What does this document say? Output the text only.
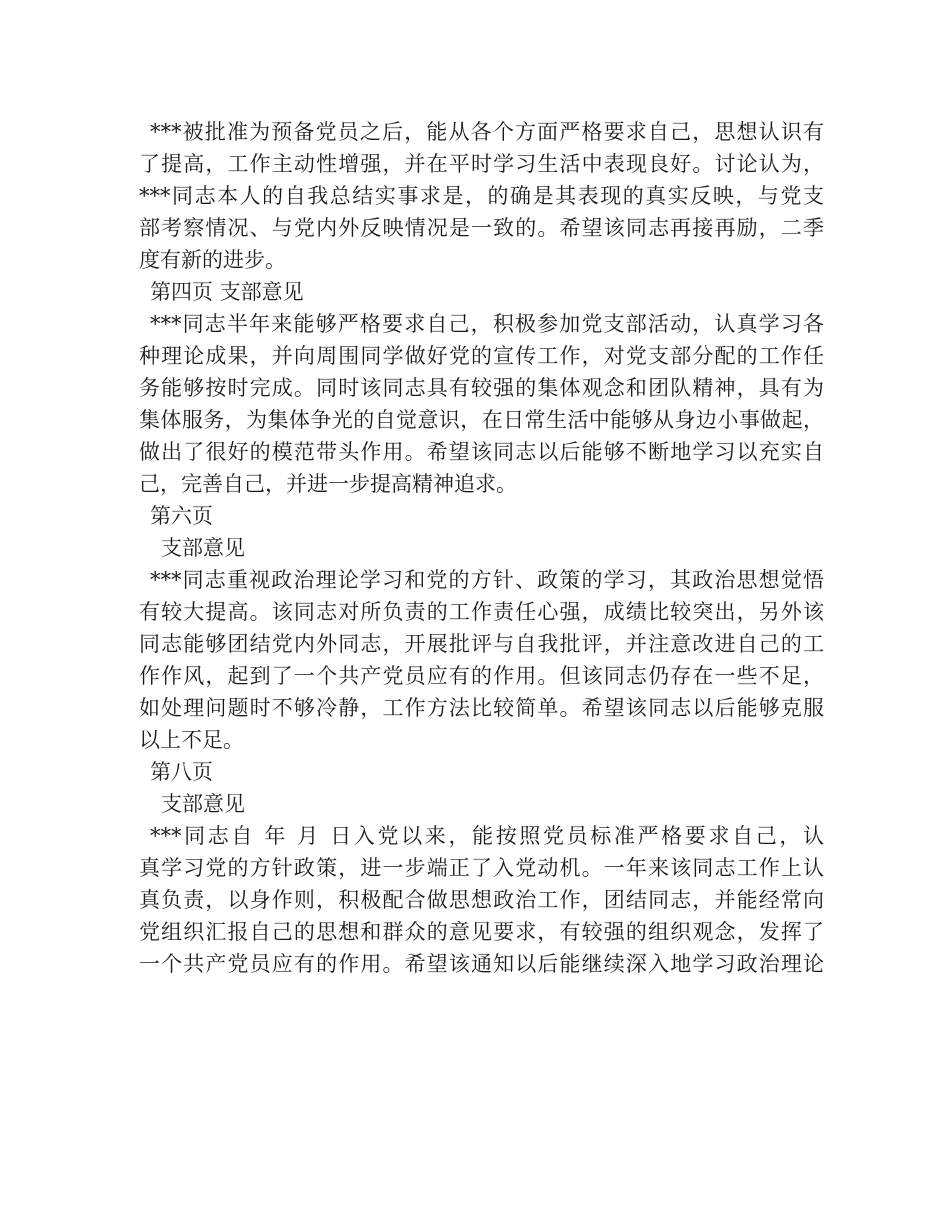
***被批准为预备党员之后，能从各个方面严格要求自己，思想认识有
了提高，工作主动性增强，并在平时学习生活中表现良好。讨论认为，
***同志本人的自我总结实事求是，的确是其表现的真实反映，与党支
部考察情况、与党内外反映情况是一致的。希望该同志再接再励，二季
度有新的进步。
第四页 支部意见
***同志半年来能够严格要求自己，积极参加党支部活动，认真学习各
种理论成果，并向周围同学做好党的宣传工作，对党支部分配的工作任
务能够按时完成。同时该同志具有较强的集体观念和团队精神，具有为
集体服务，为集体争光的自觉意识，在日常生活中能够从身边小事做起，
做出了很好的模范带头作用。希望该同志以后能够不断地学习以充实自
己，完善自己，并进一步提高精神追求。
第六页
支部意见
***同志重视政治理论学习和党的方针、政策的学习，其政治思想觉悟
有较大提高。该同志对所负责的工作责任心强，成绩比较突出，另外该
同志能够团结党内外同志，开展批评与自我批评，并注意改进自己的工
作作风，起到了一个共产党员应有的作用。但该同志仍存在一些不足，
如处理问题时不够冷静，工作方法比较简单。希望该同志以后能够克服
以上不足。
第八页
支部意见
***同志自 年 月 日入党以来，能按照党员标准严格要求自己，认
真学习党的方针政策，进一步端正了入党动机。一年来该同志工作上认
真负责，以身作则，积极配合做思想政治工作，团结同志，并能经常向
党组织汇报自己的思想和群众的意见要求，有较强的组织观念，发挥了
一个共产党员应有的作用。希望该通知以后能继续深入地学习政治理论
